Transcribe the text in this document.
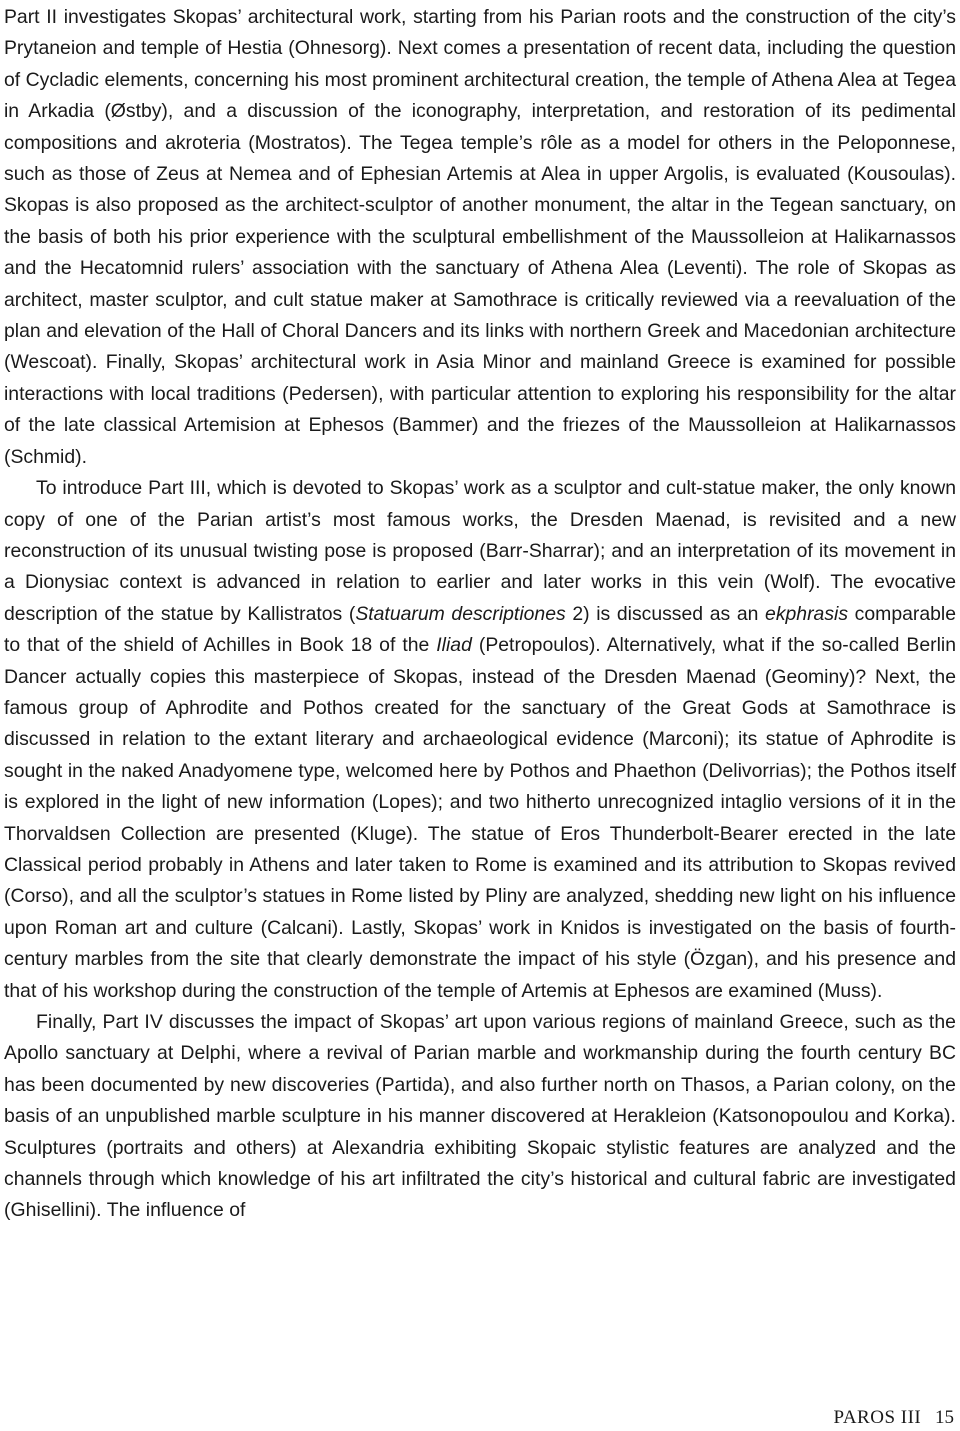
Part II investigates Skopas’ architectural work, starting from his Parian roots and the construction of the city’s Prytaneion and temple of Hestia (Ohnesorg). Next comes a presentation of recent data, including the question of Cycladic elements, concerning his most prominent architectural creation, the temple of Athena Alea at Tegea in Arkadia (Østby), and a discussion of the iconography, interpretation, and restoration of its pedimental compositions and akroteria (Mostratos). The Tegea temple’s rôle as a model for others in the Peloponnese, such as those of Zeus at Nemea and of Ephesian Artemis at Alea in upper Argolis, is evaluated (Kousoulas). Skopas is also proposed as the architect-sculptor of another monument, the altar in the Tegean sanctuary, on the basis of both his prior experience with the sculptural embellishment of the Maussolleion at Halikarnassos and the Hecatomnid rulers’ association with the sanctuary of Athena Alea (Leventi). The role of Skopas as architect, master sculptor, and cult statue maker at Samothrace is critically reviewed via a reevaluation of the plan and elevation of the Hall of Choral Dancers and its links with northern Greek and Macedonian architecture (Wescoat). Finally, Skopas’ architectural work in Asia Minor and mainland Greece is examined for possible interactions with local traditions (Pedersen), with particular attention to exploring his responsibility for the altar of the late classical Artemision at Ephesos (Bammer) and the friezes of the Maussolleion at Halikarnassos (Schmid).

To introduce Part III, which is devoted to Skopas’ work as a sculptor and cult-statue maker, the only known copy of one of the Parian artist’s most famous works, the Dresden Maenad, is revisited and a new reconstruction of its unusual twisting pose is proposed (Barr-Sharrar); and an interpretation of its movement in a Dionysiac context is advanced in relation to earlier and later works in this vein (Wolf). The evocative description of the statue by Kallistratos (Statuarum descriptiones 2) is discussed as an ekphrasis comparable to that of the shield of Achilles in Book 18 of the Iliad (Petropoulos). Alternatively, what if the so-called Berlin Dancer actually copies this masterpiece of Skopas, instead of the Dresden Maenad (Geominy)? Next, the famous group of Aphrodite and Pothos created for the sanctuary of the Great Gods at Samothrace is discussed in relation to the extant literary and archaeological evidence (Marconi); its statue of Aphrodite is sought in the naked Anadyomene type, welcomed here by Pothos and Phaethon (Delivorrias); the Pothos itself is explored in the light of new information (Lopes); and two hitherto unrecognized intaglio versions of it in the Thorvaldsen Collection are presented (Kluge). The statue of Eros Thunderbolt-Bearer erected in the late Classical period probably in Athens and later taken to Rome is examined and its attribution to Skopas revived (Corso), and all the sculptor’s statues in Rome listed by Pliny are analyzed, shedding new light on his influence upon Roman art and culture (Calcani). Lastly, Skopas’ work in Knidos is investigated on the basis of fourth-century marbles from the site that clearly demonstrate the impact of his style (Özgan), and his presence and that of his workshop during the construction of the temple of Artemis at Ephesos are examined (Muss).

Finally, Part IV discusses the impact of Skopas’ art upon various regions of mainland Greece, such as the Apollo sanctuary at Delphi, where a revival of Parian marble and workmanship during the fourth century BC has been documented by new discoveries (Partida), and also further north on Thasos, a Parian colony, on the basis of an unpublished marble sculpture in his manner discovered at Herakleion (Katsonopoulou and Korka). Sculptures (portraits and others) at Alexandria exhibiting Skopaic stylistic features are analyzed and the channels through which knowledge of his art infiltrated the city’s historical and cultural fabric are investigated (Ghisellini). The influence of

PAROS III 15
